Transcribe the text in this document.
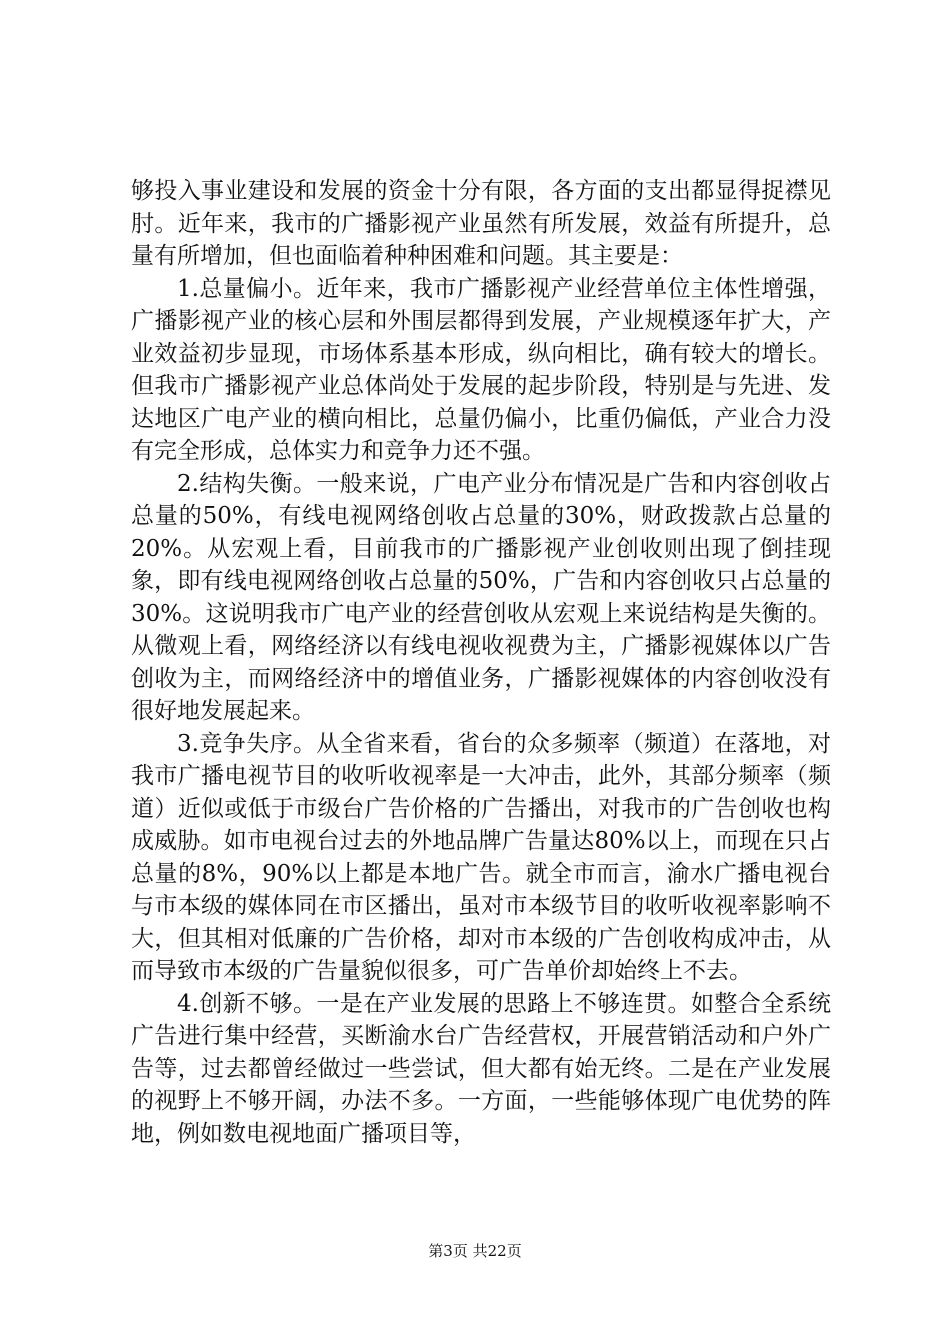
够投入事业建设和发展的资金十分有限，各方面的支出都显得捉襟见肘。近年来，我市的广播影视产业虽然有所发展，效益有所提升，总量有所增加，但也面临着种种困难和问题。其主要是：

1.总量偏小。近年来，我市广播影视产业经营单位主体性增强，广播影视产业的核心层和外围层都得到发展，产业规模逐年扩大，产业效益初步显现，市场体系基本形成，纵向相比，确有较大的增长。但我市广播影视产业总体尚处于发展的起步阶段，特别是与先进、发达地区广电产业的横向相比，总量仍偏小，比重仍偏低，产业合力没有完全形成，总体实力和竞争力还不强。

2.结构失衡。一般来说，广电产业分布情况是广告和内容创收占总量的50%，有线电视网络创收占总量的30%，财政拨款占总量的20%。从宏观上看，目前我市的广播影视产业创收则出现了倒挂现象，即有线电视网络创收占总量的50%，广告和内容创收只占总量的30%。这说明我市广电产业的经营创收从宏观上来说结构是失衡的。从微观上看，网络经济以有线电视收视费为主，广播影视媒体以广告创收为主，而网络经济中的增值业务，广播影视媒体的内容创收没有很好地发展起来。

3.竞争失序。从全省来看，省台的众多频率（频道）在落地，对我市广播电视节目的收听收视率是一大冲击，此外，其部分频率（频道）近似或低于市级台广告价格的广告播出，对我市的广告创收也构成威胁。如市电视台过去的外地品牌广告量达80%以上，而现在只占总量的8%，90%以上都是本地广告。就全市而言，渝水广播电视台与市本级的媒体同在市区播出，虽对市本级节目的收听收视率影响不大，但其相对低廉的广告价格，却对市本级的广告创收构成冲击，从而导致市本级的广告量貌似很多，可广告单价却始终上不去。

4.创新不够。一是在产业发展的思路上不够连贯。如整合全系统广告进行集中经营，买断渝水台广告经营权，开展营销活动和户外广告等，过去都曾经做过一些尝试，但大都有始无终。二是在产业发展的视野上不够开阔，办法不多。一方面，一些能够体现广电优势的阵地，例如数电视地面广播项目等，

第3页 共22页
